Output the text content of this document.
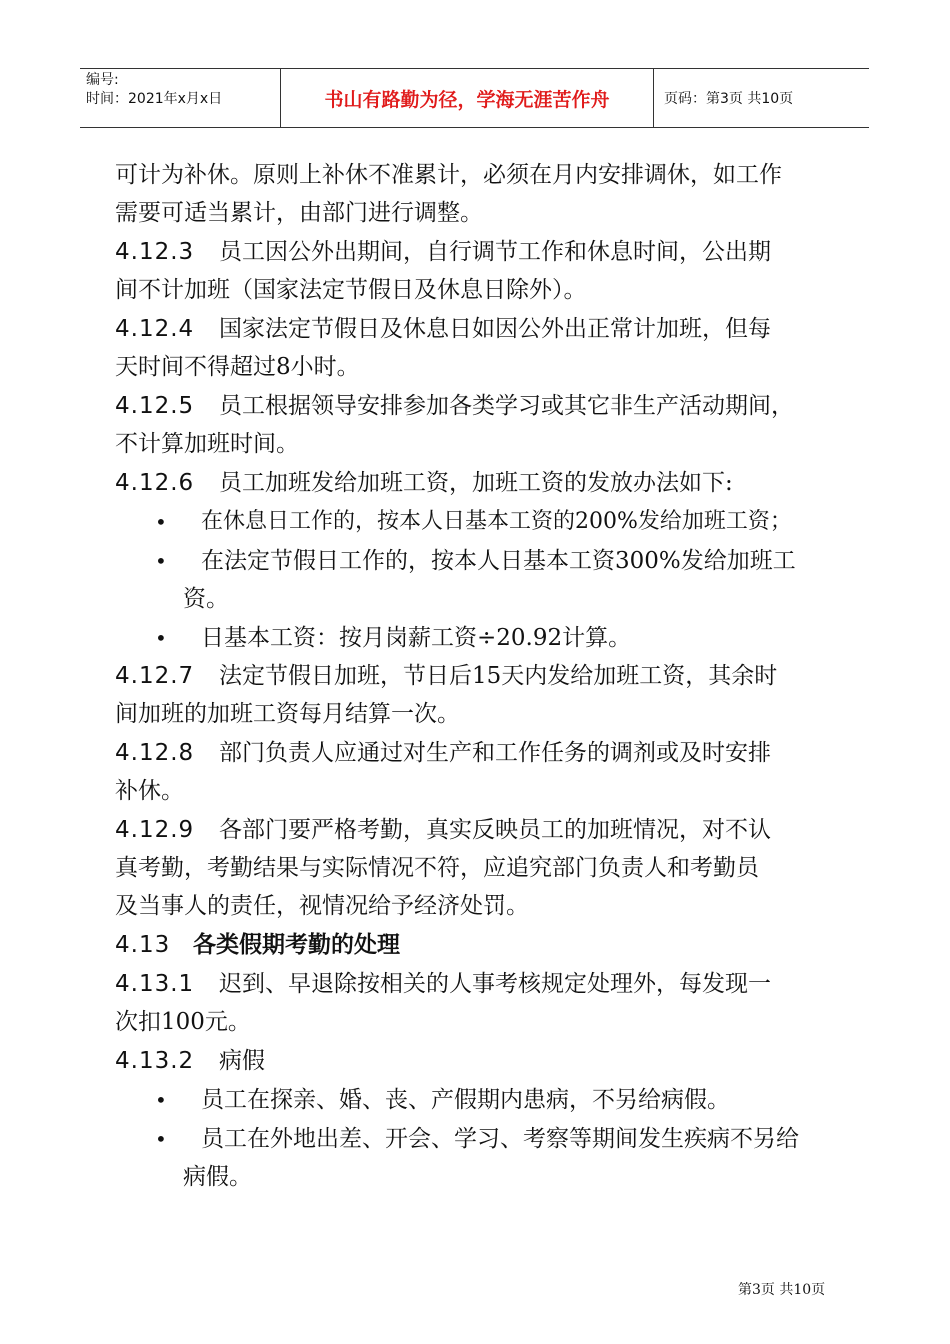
编号:
时间：2021年x月x日	书山有路勤为径，学海无涯苦作舟	页码：第3页 共10页
可计为补休。原则上补休不准累计，必须在月内安排调休，如工作
需要可适当累计，由部门进行调整。
4.12.3 员工因公外出期间，自行调节工作和休息时间，公出期
间不计加班（国家法定节假日及休息日除外）。
4.12.4 国家法定节假日及休息日如因公外出正常计加班，但每
天时间不得超过8小时。
4.12.5 员工根据领导安排参加各类学习或其它非生产活动期间，
不计算加班时间。
4.12.6 员工加班发给加班工资，加班工资的发放办法如下:
• 在休息日工作的，按本人日基本工资的200%发给加班工资；
• 在法定节假日工作的，按本人日基本工资300%发给加班工
资。
• 日基本工资：按月岗薪工资÷20.92计算。
4.12.7 法定节假日加班，节日后15天内发给加班工资，其余时
间加班的加班工资每月结算一次。
4.12.8 部门负责人应通过对生产和工作任务的调剂或及时安排
补休。
4.12.9 各部门要严格考勤，真实反映员工的加班情况，对不认
真考勤，考勤结果与实际情况不符，应追究部门负责人和考勤员
及当事人的责任，视情况给予经济处罚。
4.13 各类假期考勤的处理
4.13.1 迟到、早退除按相关的人事考核规定处理外，每发现一
次扣100元。
4.13.2 病假
• 员工在探亲、婚、丧、产假期内患病，不另给病假。
• 员工在外地出差、开会、学习、考察等期间发生疾病不另给
病假。
第3页 共10页
